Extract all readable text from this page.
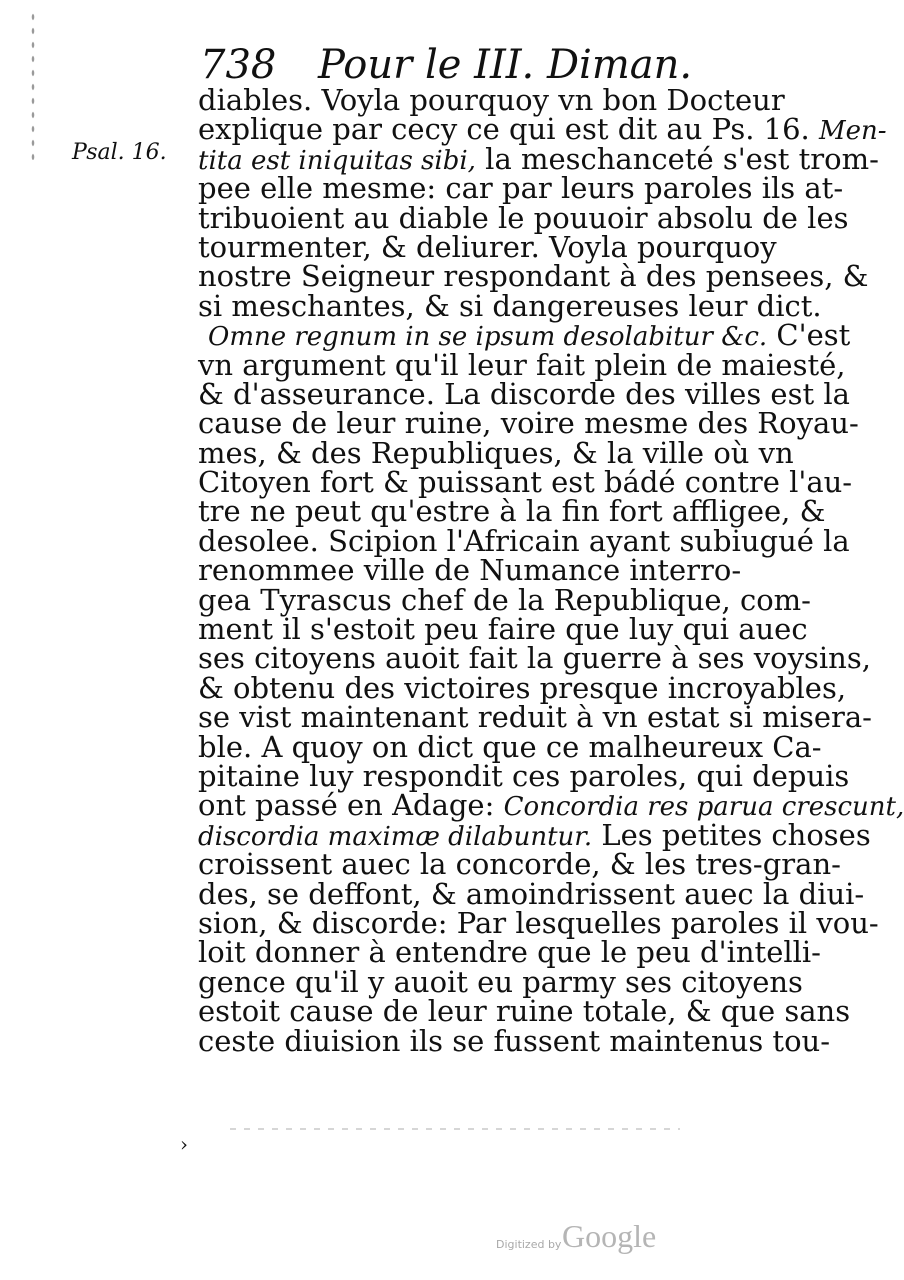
738 Pour le III. Diman.
Psal. 16.
diables. Voyla pourquoy vn bon Docteur
explique par cecy ce qui est dit au Ps. 16. Men-
tita est iniquitas sibi, la meschanceté s'est trom-
pee elle mesme: car par leurs paroles ils at-
tribuoient au diable le pouuoir absolu de les
tourmenter, & deliurer. Voyla pourquoy
nostre Seigneur respondant à des pensees, &
si meschantes, & si dangereuses leur dict.
Omne regnum in se ipsum desolabitur &c. C'est
vn argument qu'il leur fait plein de maiesté,
& d'asseurance. La discorde des villes est la
cause de leur ruine, voire mesme des Royau-
mes, & des Republiques, & la ville où vn
Citoyen fort & puissant est bádé contre l'au-
tre ne peut qu'estre à la fin fort affligee, &
desolee. Scipion l'Africain ayant subiugué la
renommee ville de Numance interro-
gea Tyrascus chef de la Republique, com-
ment il s'estoit peu faire que luy qui auec
ses citoyens auoit fait la guerre à ses voysins,
& obtenu des victoires presque incroyables,
se vist maintenant reduit à vn estat si misera-
ble. A quoy on dict que ce malheureux Ca-
pitaine luy respondit ces paroles, qui depuis
ont passé en Adage: Concordia res parua crescunt,
discordia maximæ dilabuntur. Les petites choses
croissent auec la concorde, & les tres-gran-
des, se deffont, & amoindrissent auec la diui-
sion, & discorde: Par lesquelles paroles il vou-
loit donner à entendre que le peu d'intelli-
gence qu'il y auoit eu parmy ses citoyens
estoit cause de leur ruine totale, & que sans
ceste diuision ils se fussent maintenus tou-
›
Digitized by Google
